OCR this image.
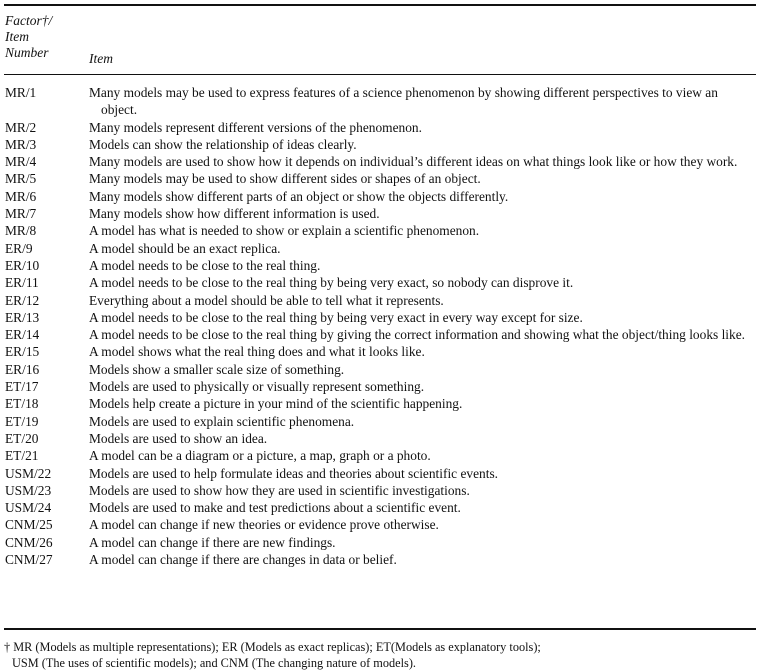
Factor†/
Item
Number	Item
MR/1	Many models may be used to express features of a science phenomenon by showing different perspectives to view an object.
MR/2	Many models represent different versions of the phenomenon.
MR/3	Models can show the relationship of ideas clearly.
MR/4	Many models are used to show how it depends on individual’s different ideas on what things look like or how they work.
MR/5	Many models may be used to show different sides or shapes of an object.
MR/6	Many models show different parts of an object or show the objects differently.
MR/7	Many models show how different information is used.
MR/8	A model has what is needed to show or explain a scientific phenomenon.
ER/9	A model should be an exact replica.
ER/10	A model needs to be close to the real thing.
ER/11	A model needs to be close to the real thing by being very exact, so nobody can disprove it.
ER/12	Everything about a model should be able to tell what it represents.
ER/13	A model needs to be close to the real thing by being very exact in every way except for size.
ER/14	A model needs to be close to the real thing by giving the correct information and showing what the object/thing looks like.
ER/15	A model shows what the real thing does and what it looks like.
ER/16	Models show a smaller scale size of something.
ET/17	Models are used to physically or visually represent something.
ET/18	Models help create a picture in your mind of the scientific happening.
ET/19	Models are used to explain scientific phenomena.
ET/20	Models are used to show an idea.
ET/21	A model can be a diagram or a picture, a map, graph or a photo.
USM/22	Models are used to help formulate ideas and theories about scientific events.
USM/23	Models are used to show how they are used in scientific investigations.
USM/24	Models are used to make and test predictions about a scientific event.
CNM/25	A model can change if new theories or evidence prove otherwise.
CNM/26	A model can change if there are new findings.
CNM/27	A model can change if there are changes in data or belief.
† MR (Models as multiple representations); ER (Models as exact replicas); ET(Models as explanatory tools);
USM (The uses of scientific models); and CNM (The changing nature of models).
